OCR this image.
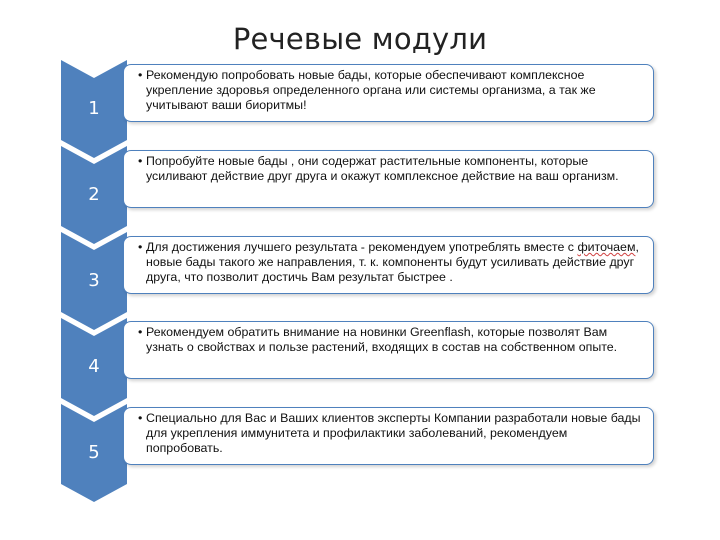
Речевые модули
1
• Рекомендую попробовать новые бады, которые обеспечивают комплексное укрепление здоровья определенного органа или системы организма, а так же учитывают ваши биоритмы!
2
• Попробуйте новые бады , они содержат растительные компоненты, которые усиливают действие друг друга и окажут комплексное действие на ваш организм.
3
• Для достижения лучшего результата - рекомендуем употреблять вместе с фиточаем, новые бады такого же направления, т. к. компоненты будут усиливать действие друг друга, что позволит достичь Вам результат быстрее .
4
• Рекомендуем обратить внимание на новинки Greenflash, которые позволят Вам узнать о свойствах и пользе растений, входящих в состав на собственном опыте.
5
• Специально для Вас и Ваших клиентов эксперты Компании разработали новые бады для укрепления иммунитета и профилактики заболеваний, рекомендуем попробовать.
